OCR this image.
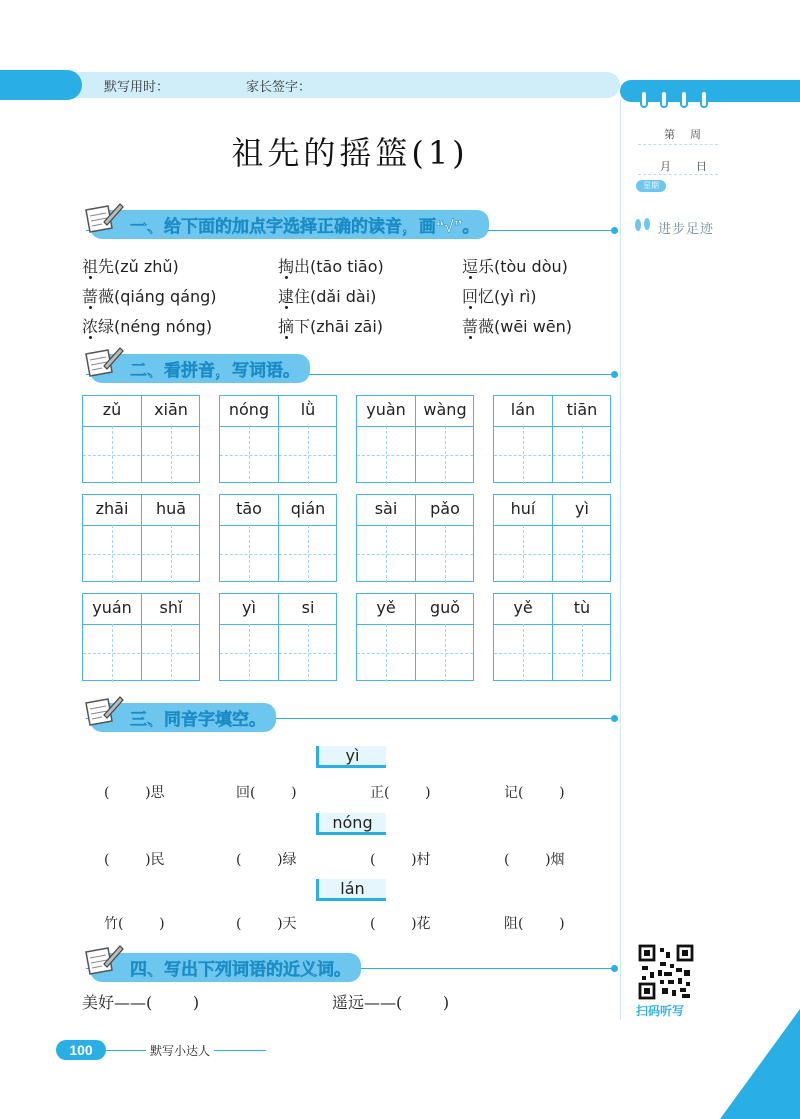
默写用时：	家长签字：
第 周
月 日
星期
进步足迹
祖先的摇篮(1)
一、给下面的加点字选择正确的读音，画“√”。
祖先(zǔ zhǔ)	掏出(tāo tiāo)	逗乐(tòu dòu)
蔷薇(qiáng qáng)	逮住(dǎi dài)	回忆(yì rì)
浓绿(néng nóng)	摘下(zhāi zāi)	蔷薇(wēi wēn)
二、看拼音，写词语。
zǔ	xiān	nóng	lǜ	yuàn	wàng	lán	tiān
zhāi	huā	tāo	qián	sài	pǎo	huí	yì
yuán	shǐ	yì	si	yě	guǒ	yě	tù
三、同音字填空。
yì
(        )思	回(        )	正(        )	记(        )
nóng
(        )民	(        )绿	(        )村	(        )烟
lán
竹(        )	(        )天	(        )花	阻(        )
四、写出下列词语的近义词。
美好——(        )	遥远——(        )	扫码听写
100	默写小达人
